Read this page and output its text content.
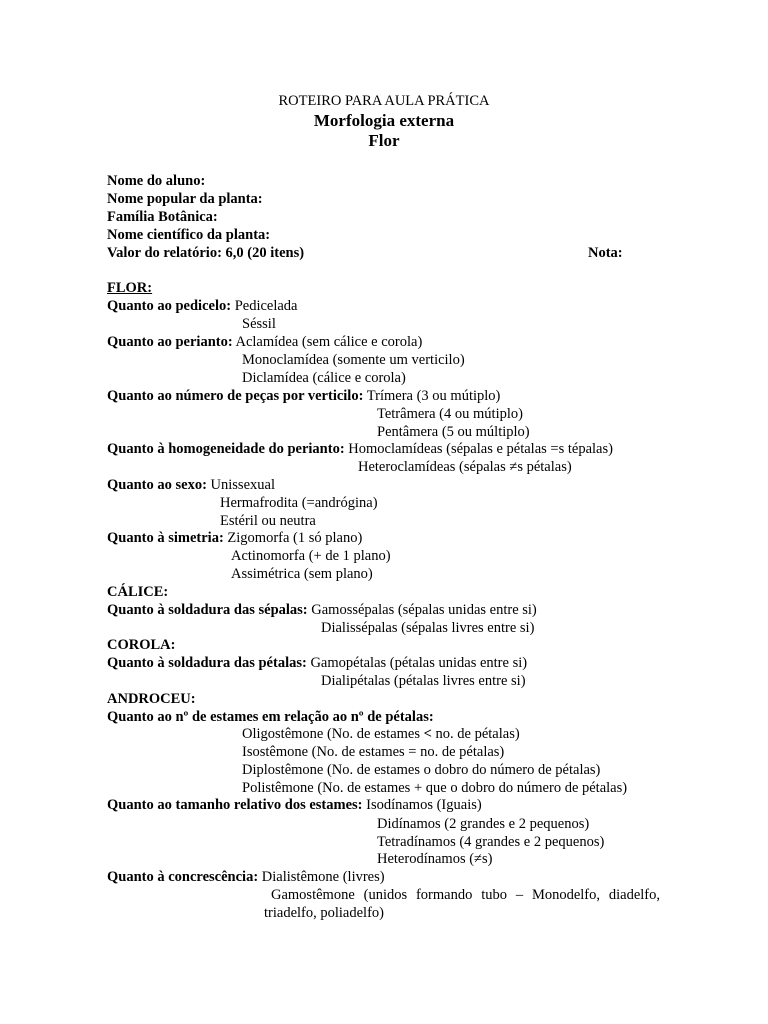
ROTEIRO PARA AULA PRÁTICA
Morfologia externa
Flor
Nome do aluno:
Nome popular da planta:
Família Botânica:
Nome científico da planta:
Valor do relatório: 6,0 (20 itens)	Nota:
FLOR:
Quanto ao pedicelo: Pedicelada
Séssil
Quanto ao perianto: Aclamídea (sem cálice e corola)
Monoclamídea (somente um verticilo)
Diclamídea (cálice e corola)
Quanto ao número de peças por verticilo: Trímera (3 ou mútiplo)
Tetrâmera (4 ou mútiplo)
Pentâmera (5 ou múltiplo)
Quanto à homogeneidade do perianto: Homoclamídeas (sépalas e pétalas =s tépalas)
Heteroclamídeas (sépalas ≠s pétalas)
Quanto ao sexo: Unissexual
Hermafrodita (=andrógina)
Estéril ou neutra
Quanto à simetria: Zigomorfa (1 só plano)
Actinomorfa (+ de 1 plano)
Assimétrica (sem plano)
CÁLICE:
Quanto à soldadura das sépalas: Gamossépalas (sépalas unidas entre si)
Dialissépalas (sépalas livres entre si)
COROLA:
Quanto à soldadura das pétalas: Gamopétalas (pétalas unidas entre si)
Dialipétalas (pétalas livres entre si)
ANDROCEU:
Quanto ao nº de estames em relação ao nº de pétalas:
Oligostêmone (No. de estames < no. de pétalas)
Isostêmone (No. de estames = no. de pétalas)
Diplostêmone (No. de estames o dobro do número de pétalas)
Polistêmone (No. de estames + que o dobro do número de pétalas)
Quanto ao tamanho relativo dos estames: Isodínamos (Iguais)
Didínamos (2 grandes e 2 pequenos)
Tetradínamos (4 grandes e 2 pequenos)
Heterodínamos (≠s)
Quanto à concrescência: Dialistêmone (livres)
Gamostêmone (unidos formando tubo – Monodelfo, diadelfo,
triadelfo, poliadelfo)
